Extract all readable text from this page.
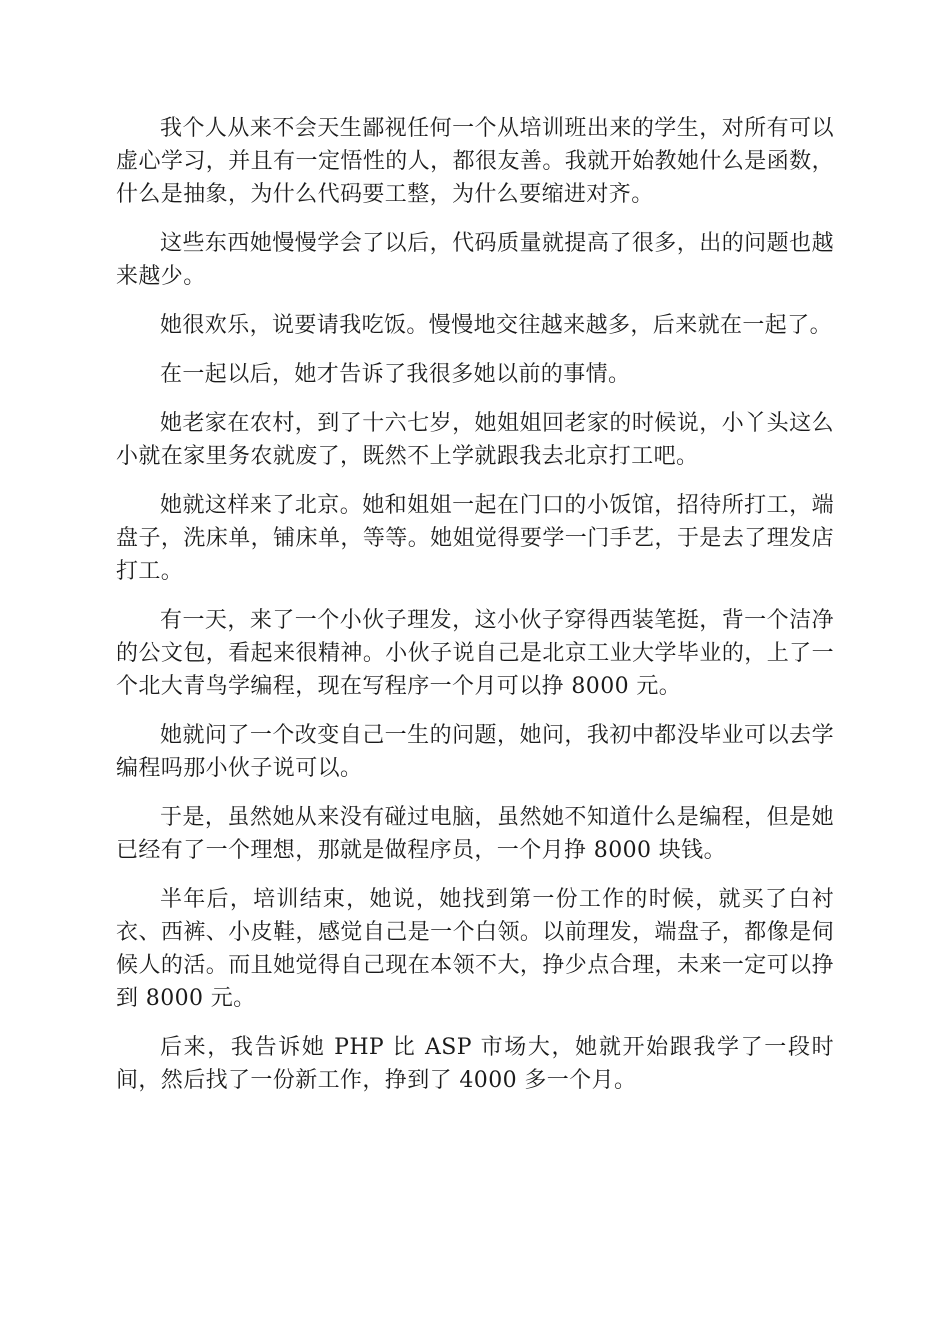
我个人从来不会天生鄙视任何一个从培训班出来的学生，对所有可以虚心学习，并且有一定悟性的人，都很友善。我就开始教她什么是函数，什么是抽象，为什么代码要工整，为什么要缩进对齐。

这些东西她慢慢学会了以后，代码质量就提高了很多，出的问题也越来越少。

她很欢乐，说要请我吃饭。慢慢地交往越来越多，后来就在一起了。

在一起以后，她才告诉了我很多她以前的事情。

她老家在农村，到了十六七岁，她姐姐回老家的时候说，小丫头这么小就在家里务农就废了，既然不上学就跟我去北京打工吧。

她就这样来了北京。她和姐姐一起在门口的小饭馆，招待所打工，端盘子，洗床单，铺床单，等等。她姐觉得要学一门手艺，于是去了理发店打工。

有一天，来了一个小伙子理发，这小伙子穿得西装笔挺，背一个洁净的公文包，看起来很精神。小伙子说自己是北京工业大学毕业的，上了一个北大青鸟学编程，现在写程序一个月可以挣 8000 元。

她就问了一个改变自己一生的问题，她问，我初中都没毕业可以去学编程吗那小伙子说可以。

于是，虽然她从来没有碰过电脑，虽然她不知道什么是编程，但是她已经有了一个理想，那就是做程序员，一个月挣 8000 块钱。

半年后，培训结束，她说，她找到第一份工作的时候，就买了白衬衣、西裤、小皮鞋，感觉自己是一个白领。以前理发，端盘子，都像是伺候人的活。而且她觉得自己现在本领不大，挣少点合理，未来一定可以挣到 8000 元。

后来，我告诉她 PHP 比 ASP 市场大，她就开始跟我学了一段时间，然后找了一份新工作，挣到了 4000 多一个月。
